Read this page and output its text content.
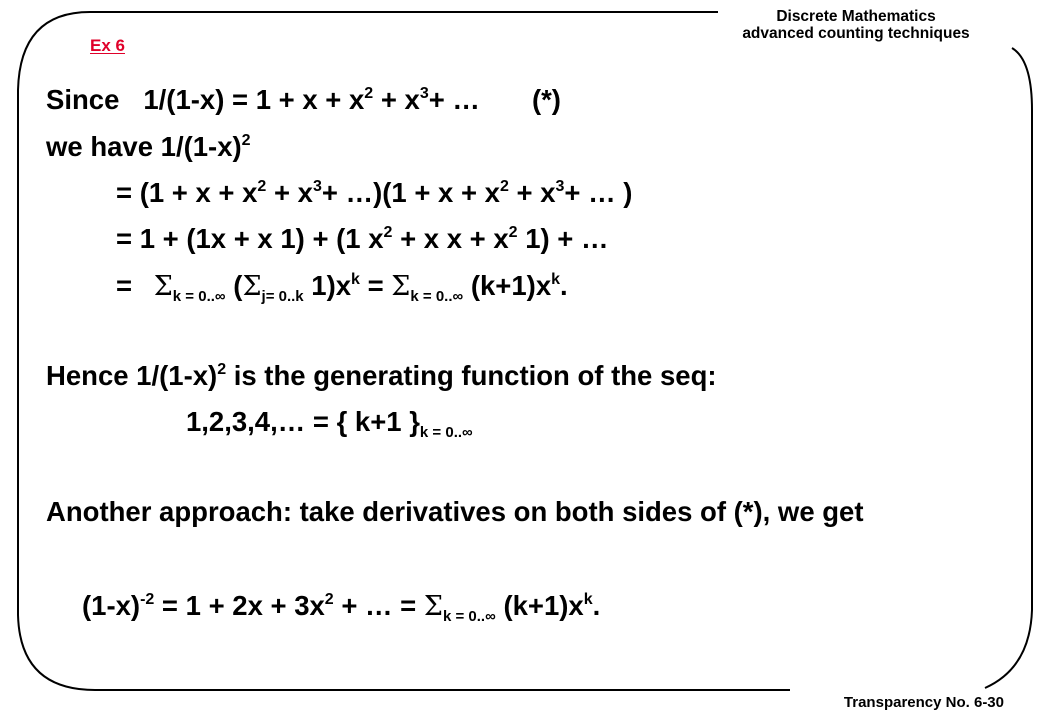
Discrete Mathematics
advanced counting techniques
Ex 6
Since $1/(1-x) = 1 + x + x^2 + x^3+$ … (*)
we have $1/(1-x)^2$
= ($1 + x + x^2 + x^3+$ …)(1 + $x + x^2 + x^3+$ … )
= 1 + (1x + x 1) + (1 $x^2 + x$ $x + x^2$ 1) + …
= $\Sigma_{k = 0..\infty}$ ($\Sigma_{j= 0..k}$ $1)x^k = \Sigma_{k = 0..\infty}$ $(k+1)x^k$.
Hence $1/(1-x)^2$ is the generating function of the seq:
1,2,3,4,… = { k+1 }$_{k = 0..\infty}$
Another approach: take derivatives on both sides of (*), we get
$(1-x)^{-2} = 1 + 2x + 3x^2$ + … = $\Sigma_{k = 0..\infty}$ $(k+1)x^k$.
Transparency No. 6-30
